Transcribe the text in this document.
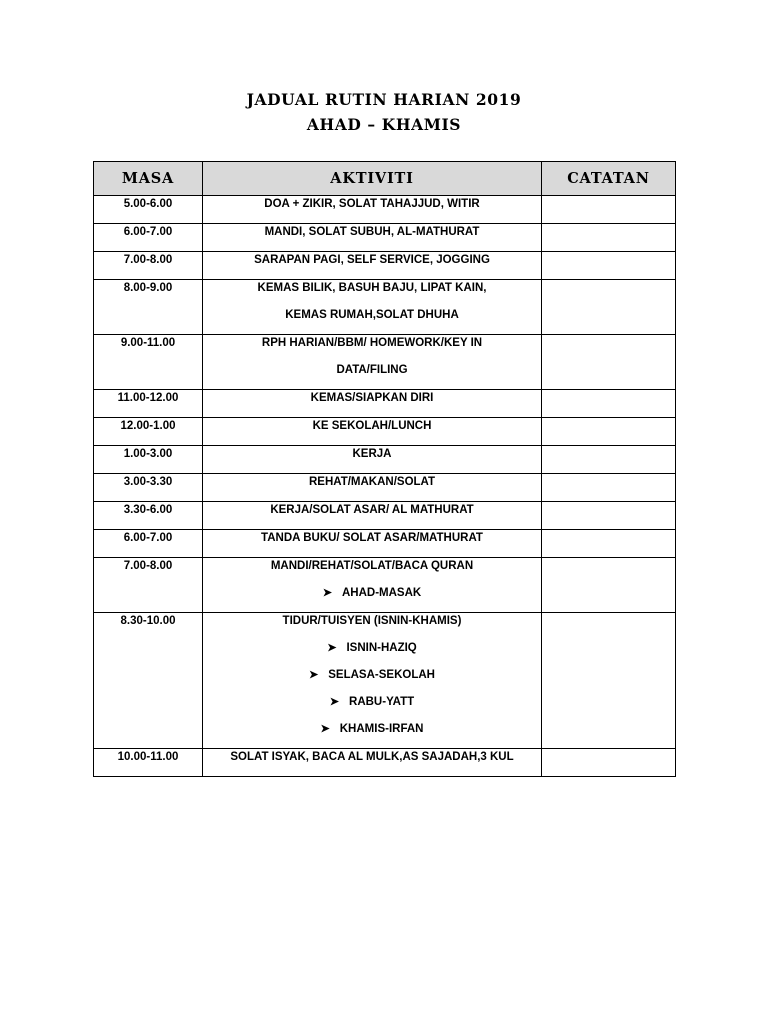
JADUAL RUTIN HARIAN 2019
AHAD – KHAMIS
MASA	AKTIVITI	CATATAN

5.00-6.00	DOA + ZIKIR, SOLAT TAHAJJUD, WITIR	

6.00-7.00	MANDI, SOLAT SUBUH, AL-MATHURAT	

7.00-8.00	SARAPAN PAGI, SELF SERVICE, JOGGING	

8.00-9.00	KEMAS BILIK, BASUH BAJU, LIPAT KAIN,
KEMAS RUMAH,SOLAT DHUHA	

9.00-11.00	RPH HARIAN/BBM/ HOMEWORK/KEY IN
DATA/FILING	

11.00-12.00	KEMAS/SIAPKAN DIRI	

12.00-1.00	KE SEKOLAH/LUNCH	

1.00-3.00	KERJA	

3.00-3.30	REHAT/MAKAN/SOLAT	

3.30-6.00	KERJA/SOLAT ASAR/ AL MATHURAT	

6.00-7.00	TANDA BUKU/ SOLAT ASAR/MATHURAT	

7.00-8.00	MANDI/REHAT/SOLAT/BACA QURAN
➤ AHAD-MASAK	

8.30-10.00	TIDUR/TUISYEN (ISNIN-KHAMIS)
➤ ISNIN-HAZIQ
➤ SELASA-SEKOLAH
➤ RABU-YATT
➤ KHAMIS-IRFAN	

10.00-11.00	SOLAT ISYAK, BACA AL MULK,AS SAJADAH,3 KUL	
